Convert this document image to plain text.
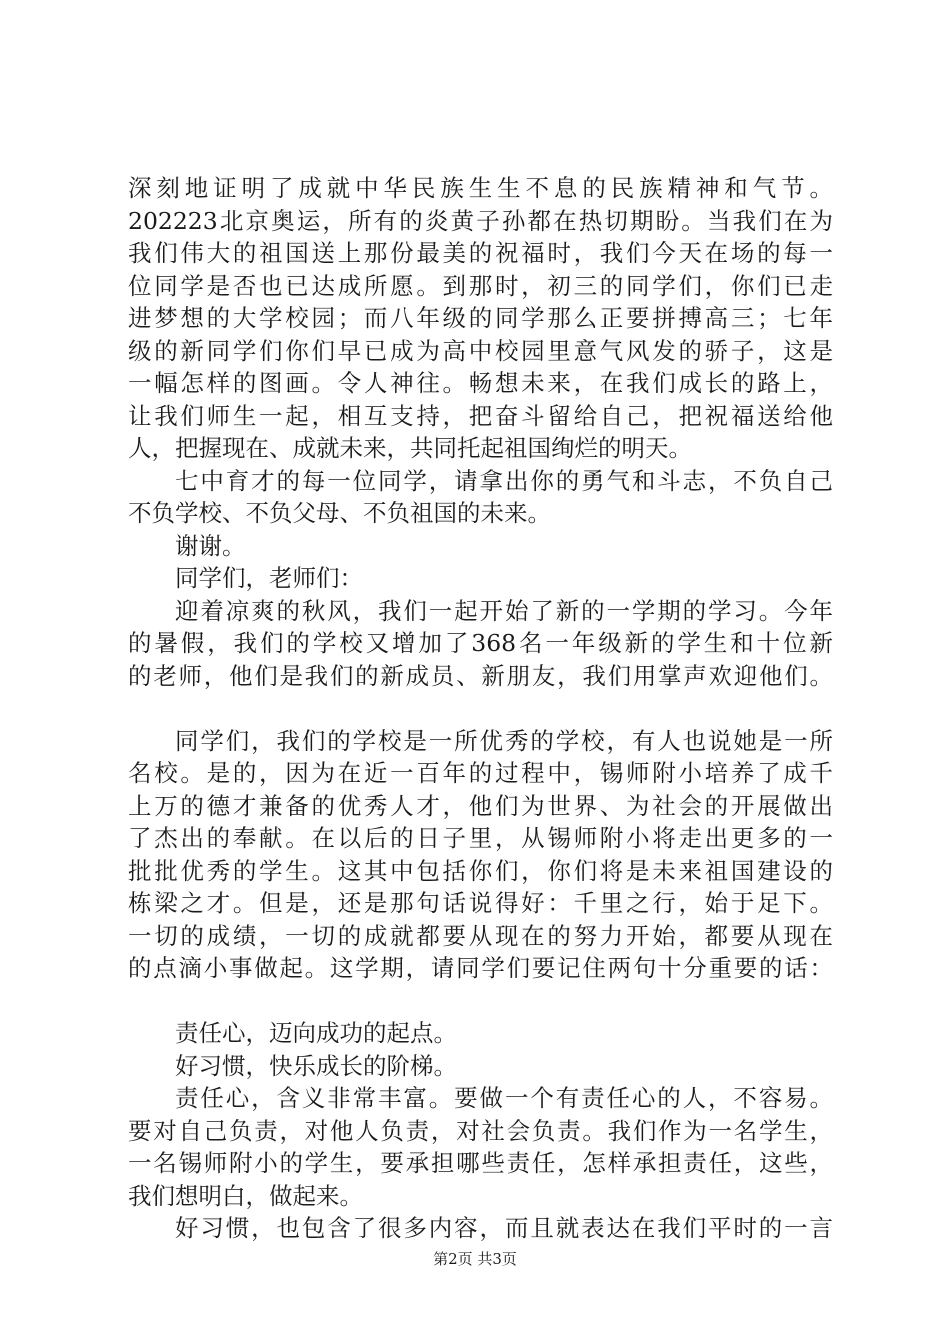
深刻地证明了成就中华民族生生不息的民族精神和气节。
202223北京奥运，所有的炎黄子孙都在热切期盼。当我们在为
我们伟大的祖国送上那份最美的祝福时，我们今天在场的每一
位同学是否也已达成所愿。到那时，初三的同学们，你们已走
进梦想的大学校园；而八年级的同学那么正要拼搏高三；七年
级的新同学们你们早已成为高中校园里意气风发的骄子，这是
一幅怎样的图画。令人神往。畅想未来，在我们成长的路上，
让我们师生一起，相互支持，把奋斗留给自己，把祝福送给他
人，把握现在、成就未来，共同托起祖国绚烂的明天。
七中育才的每一位同学，请拿出你的勇气和斗志，不负自己
不负学校、不负父母、不负祖国的未来。
谢谢。
同学们，老师们：
迎着凉爽的秋风，我们一起开始了新的一学期的学习。今年
的暑假，我们的学校又增加了368名一年级新的学生和十位新
的老师，他们是我们的新成员、新朋友，我们用掌声欢迎他们。
同学们，我们的学校是一所优秀的学校，有人也说她是一所
名校。是的，因为在近一百年的过程中，锡师附小培养了成千
上万的德才兼备的优秀人才，他们为世界、为社会的开展做出
了杰出的奉献。在以后的日子里，从锡师附小将走出更多的一
批批优秀的学生。这其中包括你们，你们将是未来祖国建设的
栋梁之才。但是，还是那句话说得好：千里之行，始于足下。
一切的成绩，一切的成就都要从现在的努力开始，都要从现在
的点滴小事做起。这学期，请同学们要记住两句十分重要的话：
责任心，迈向成功的起点。
好习惯，快乐成长的阶梯。
责任心，含义非常丰富。要做一个有责任心的人，不容易。
要对自己负责，对他人负责，对社会负责。我们作为一名学生，
一名锡师附小的学生，要承担哪些责任，怎样承担责任，这些，
我们想明白，做起来。
好习惯，也包含了很多内容，而且就表达在我们平时的一言
第2页 共3页
